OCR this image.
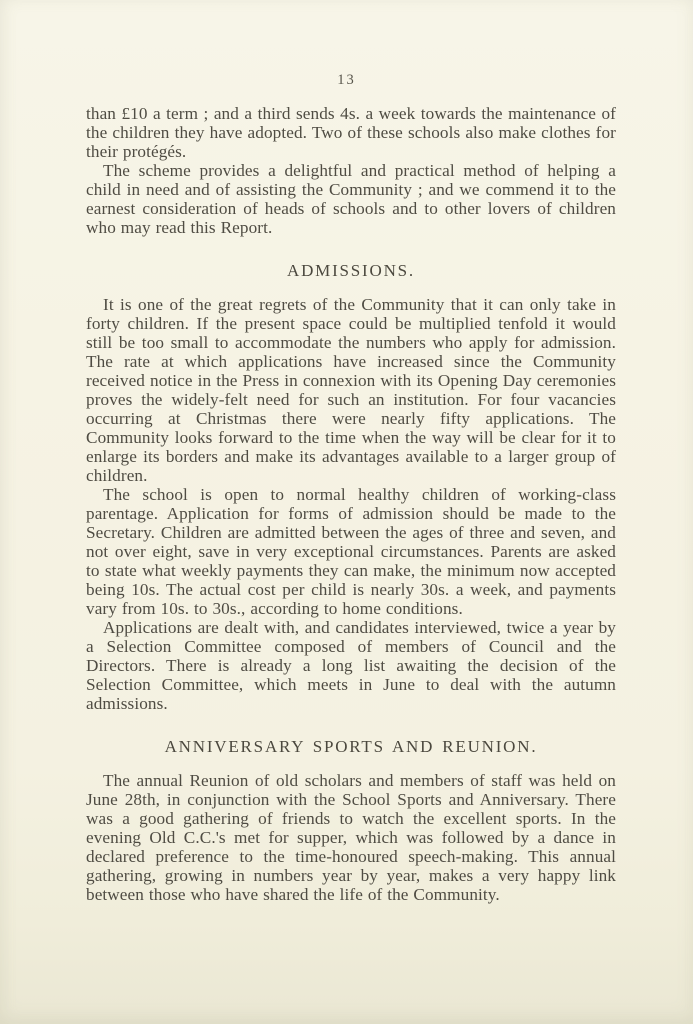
13

than £10 a term ; and a third sends 4s. a week towards the maintenance of the children they have adopted. Two of these schools also make clothes for their protégés.

The scheme provides a delightful and practical method of helping a child in need and of assisting the Community ; and we commend it to the earnest consideration of heads of schools and to other lovers of children who may read this Report.

ADMISSIONS.

It is one of the great regrets of the Community that it can only take in forty children. If the present space could be multiplied tenfold it would still be too small to accommodate the numbers who apply for admission. The rate at which applications have increased since the Community received notice in the Press in connexion with its Opening Day ceremonies proves the widely-felt need for such an institution. For four vacancies occurring at Christmas there were nearly fifty applications. The Community looks forward to the time when the way will be clear for it to enlarge its borders and make its advantages available to a larger group of children.

The school is open to normal healthy children of working-class parentage. Application for forms of admission should be made to the Secretary. Children are admitted between the ages of three and seven, and not over eight, save in very exceptional circumstances. Parents are asked to state what weekly payments they can make, the minimum now accepted being 10s. The actual cost per child is nearly 30s. a week, and payments vary from 10s. to 30s., according to home conditions.

Applications are dealt with, and candidates interviewed, twice a year by a Selection Committee composed of members of Council and the Directors. There is already a long list awaiting the decision of the Selection Committee, which meets in June to deal with the autumn admissions.

ANNIVERSARY SPORTS AND REUNION.

The annual Reunion of old scholars and members of staff was held on June 28th, in conjunction with the School Sports and Anniversary. There was a good gathering of friends to watch the excellent sports. In the evening Old C.C.'s met for supper, which was followed by a dance in declared preference to the time-honoured speech-making. This annual gathering, growing in numbers year by year, makes a very happy link between those who have shared the life of the Community.
